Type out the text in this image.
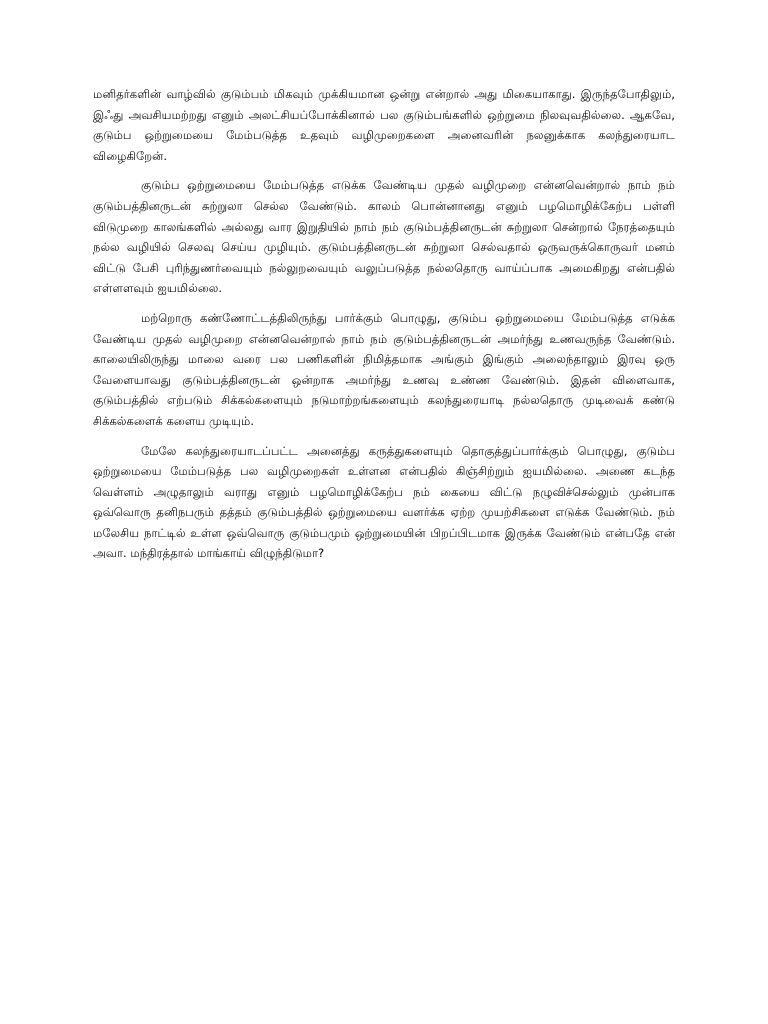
மனிதர்களின் வாழ்வில் குடும்பம் மிகவும் முக்கியமான ஒன்று என்றால் அது மிகையாகாது. இருந்தபோதிலும், இஃது அவசியமற்றது எனும் அலட்சியப்போக்கினால் பல குடும்பங்களில் ஒற்றுமை நிலவுவதில்லை. ஆகவே, குடும்ப ஒற்றுமையை மேம்படுத்த உதவும் வழிமுறைகளை அனைவரின் நலனுக்காக கலந்துரையாட விழைகிறேன்.

குடும்ப ஒற்றுமையை மேம்படுத்த எடுக்க வேண்டிய முதல் வழிமுறை என்னவென்றால் நாம் நம் குடும்பத்தினருடன் சுற்றுலா செல்ல வேண்டும். காலம் பொன்னானது எனும் பழமொழிக்கேற்ப பள்ளி விடுமுறை காலங்களில் அல்லது வார இறுதியில் நாம் நம் குடும்பத்தினருடன் சுற்றுலா சென்றால் நேரத்தையும் நல்ல வழியில் செலவு செய்ய முழியும். குடும்பத்தினருடன் சுற்றுலா செல்வதால் ஒருவருக்கொருவர் மனம் விட்டு பேசி புரிந்துணர்வையும் நல்லுறவையும் வலுப்படுத்த நல்லதொரு வாய்ப்பாக அமைகிறது என்பதில் எள்ளளவும் ஐயமில்லை.

மற்றொரு கண்ணோட்டத்திலிருந்து பார்க்கும் பொழுது, குடும்ப ஒற்றுமையை மேம்படுத்த எடுக்க வேண்டிய முதல் வழிமுறை என்னவென்றால் நாம் நம் குடும்பத்தினருடன் அமர்ந்து உணவருந்த வேண்டும். காலையிலிருந்து மாலை வரை பல பணிகளின் நிமித்தமாக அங்கும் இங்கும் அலைந்தாலும் இரவு ஒரு வேளையாவது குடும்பத்தினருடன் ஒன்றாக அமர்ந்து உணவு உண்ண வேண்டும். இதன் விளைவாக, குடும்பத்தில் எற்படும் சிக்கல்களையும் நடுமாற்றங்களையும் கலந்துரையாடி நல்லதொரு முடிவைக் கண்டு சிக்கல்களைக் களைய முடியும்.

மேலே கலந்துரையாடப்பட்ட அனைத்து கருத்துகளையும் தொகுத்துப்பார்க்கும் பொழுது, குடும்ப ஒற்றுமையை மேம்படுத்த பல வழிமுறைகள் உள்ளன என்பதில் கிஞ்சிற்றும் ஐயமில்லை. அணை கடந்த வெள்ளம் அழுதாலும் வராது எனும் பழமொழிக்கேற்ப நம் கையை விட்டு நழுவிச்செல்லும் முன்பாக ஒவ்வொரு தனிநபரும் தத்தம் குடும்பத்தில் ஒற்றுமையை வளர்க்க ஏற்ற முயற்சிகளை எடுக்க வேண்டும். நம் மலேசிய நாட்டில் உள்ள ஒவ்வொரு குடும்பமும் ஒற்றுமையின் பிறப்பிடமாக இருக்க வேண்டும் என்பதே என் அவா. மந்திரத்தால் மாங்காய் விழுந்திடுமா?
